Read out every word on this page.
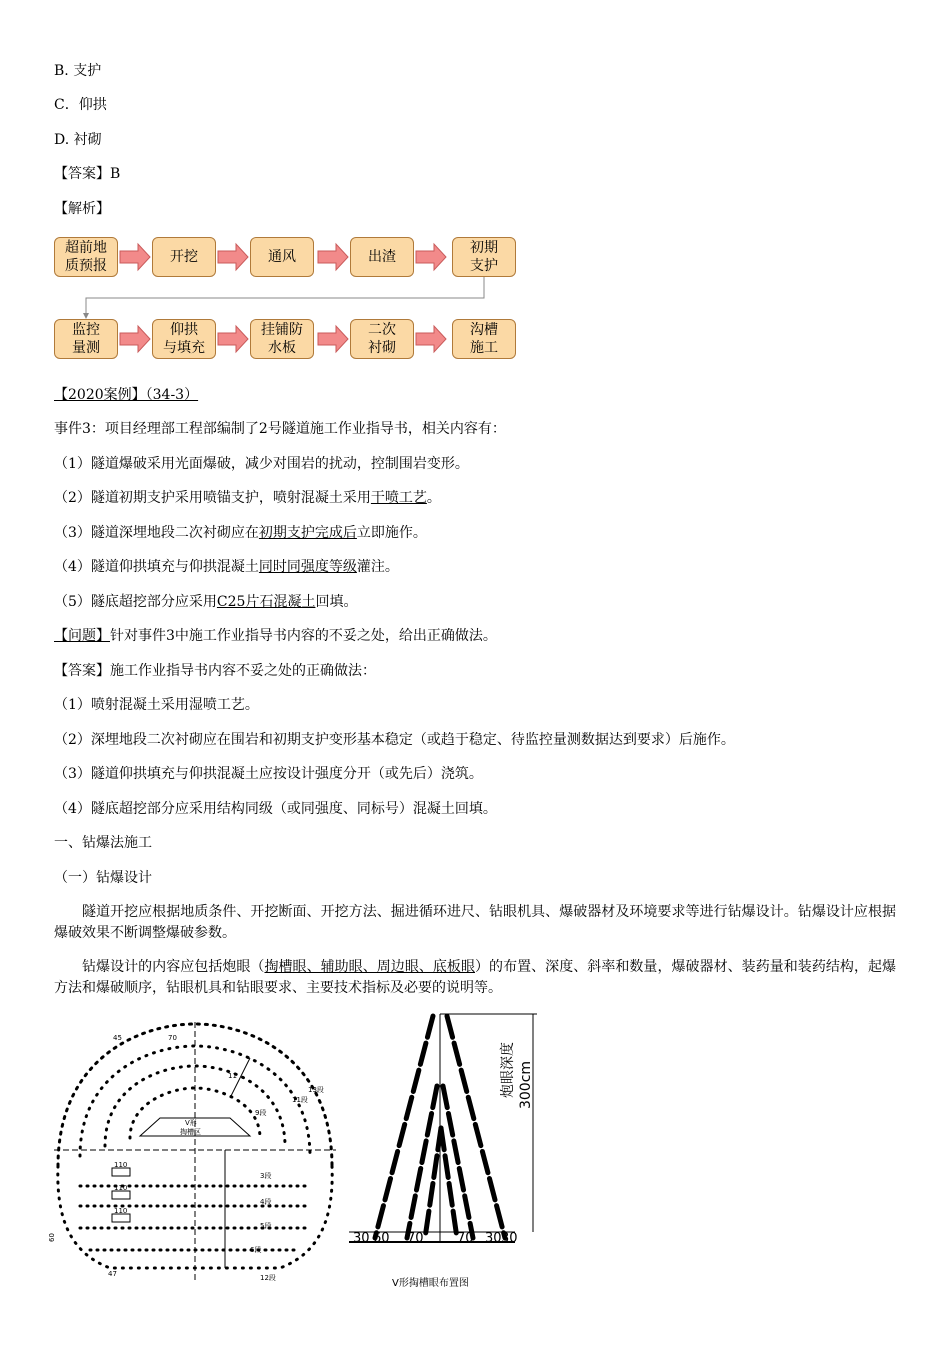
B. 支护
C．仰拱
D. 衬砌
【答案】B
【解析】
超前地
质预报
开挖	通风	出渣
初期
支护
监控
量测
仰拱
与填充
挂铺防
水板
二次
衬砌
沟槽
施工
【2020案例】（34-3）
事件3：项目经理部工程部编制了2号隧道施工作业指导书，相关内容有：
（1）隧道爆破采用光面爆破，减少对围岩的扰动，控制围岩变形。
（2）隧道初期支护采用喷锚支护，喷射混凝土采用干喷工艺。
（3）隧道深埋地段二次衬砌应在初期支护完成后立即施作。
（4）隧道仰拱填充与仰拱混凝土同时同强度等级灌注。
（5）隧底超挖部分应采用C25片石混凝土回填。
【问题】针对事件3中施工作业指导书内容的不妥之处，给出正确做法。
【答案】施工作业指导书内容不妥之处的正确做法：
（1）喷射混凝土采用湿喷工艺。
（2）深埋地段二次衬砌应在围岩和初期支护变形基本稳定（或趋于稳定、待监控量测数据达到要求）后施作。
（3）隧道仰拱填充与仰拱混凝土应按设计强度分开（或先后）浇筑。
（4）隧底超挖部分应采用结构同级（或同强度、同标号）混凝土回填。
一、钻爆法施工
（一）钻爆设计
隧道开挖应根据地质条件、开挖断面、开挖方法、掘进循环进尺、钻眼机具、爆破器材及环境要求等进行钻爆设计。钻爆设计应根据爆破效果不断调整爆破参数。
钻爆设计的内容应包括炮眼（掏槽眼、辅助眼、周边眼、底板眼）的布置、深度、斜率和数量，爆破器材、装药量和装药结构，起爆方法和爆破顺序，钻眼机具和钻眼要求、主要技术指标及必要的说明等。
V形
掏槽区
45	70
11
13段
11段
9段
3段
4段
5段
6段
110
110
110
12段
47
60
炮眼深度 300cm
30 60 70	70 30 30
V形掏槽眼布置图
